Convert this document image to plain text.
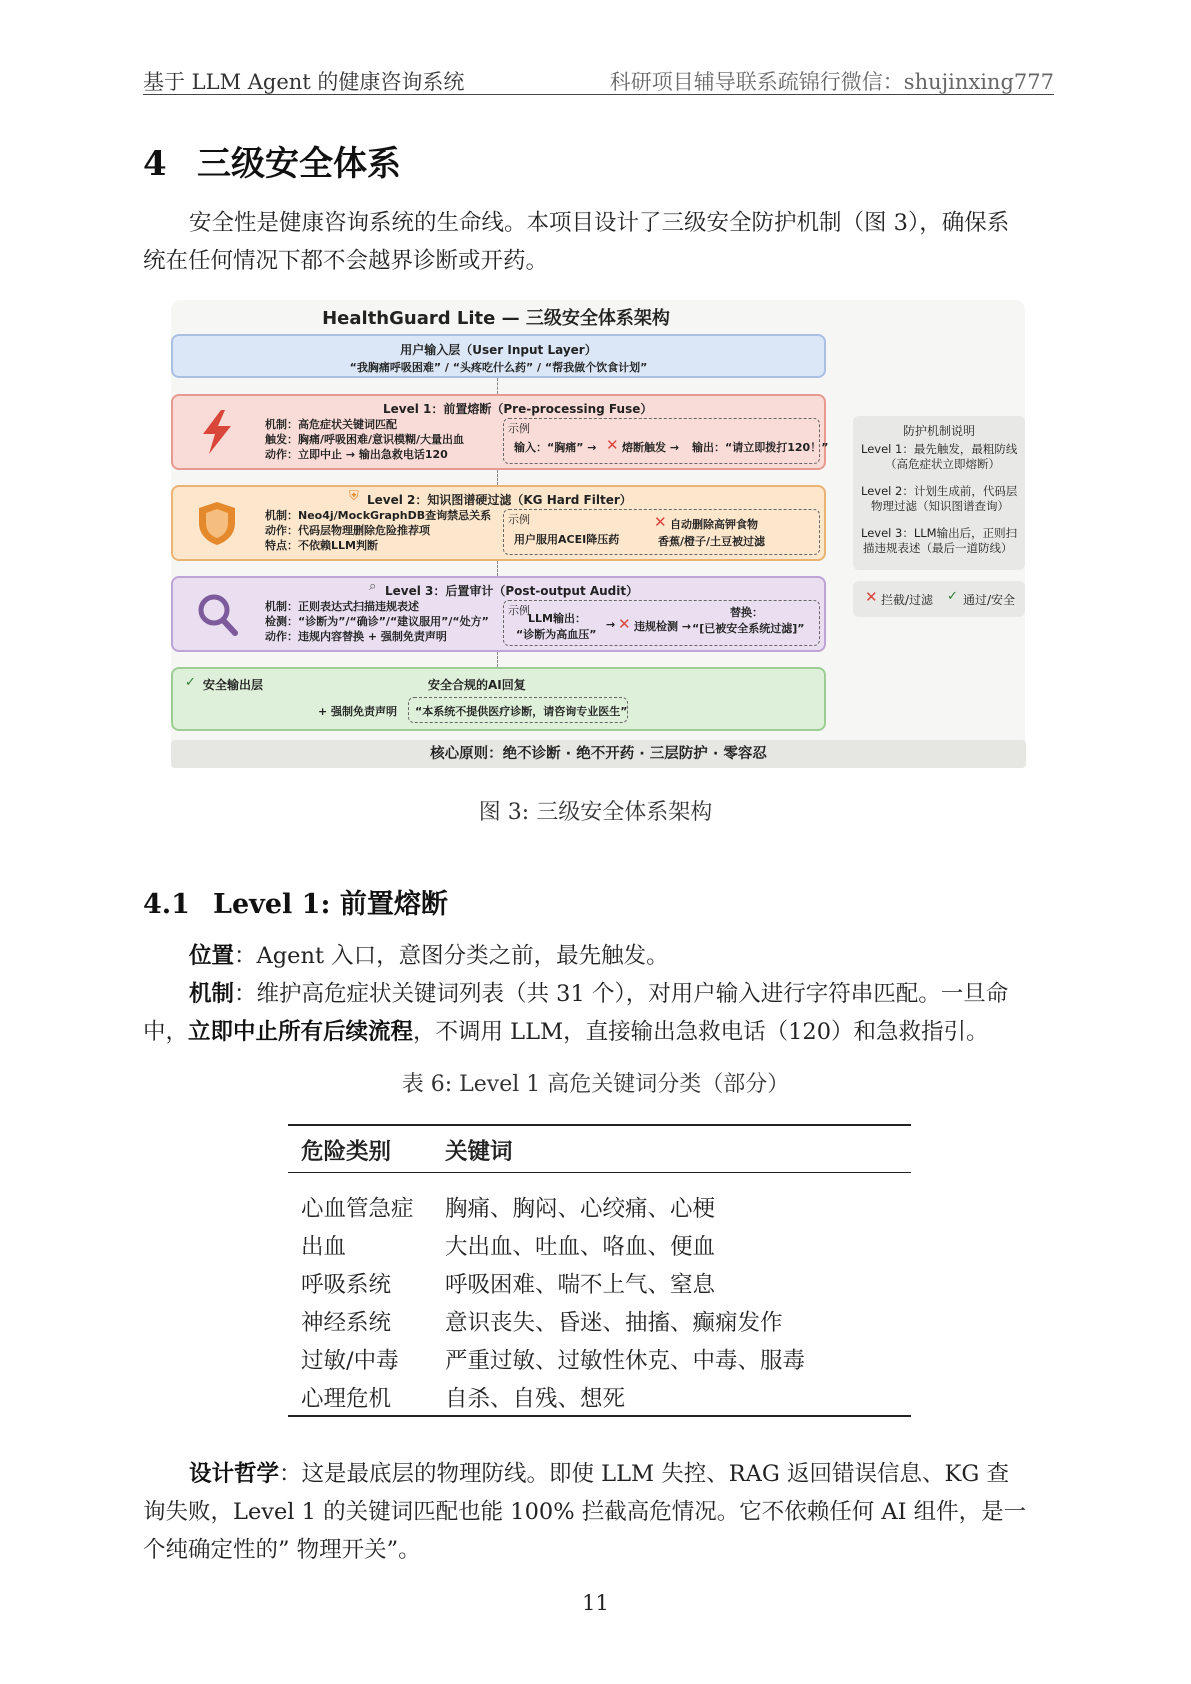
基于 LLM Agent 的健康咨询系统	科研项目辅导联系疏锦行微信：shujinxing777
4 三级安全体系
安全性是健康咨询系统的生命线。本项目设计了三级安全防护机制（图 3），确保系
统在任何情况下都不会越界诊断或开药。
HealthGuard Lite — 三级安全体系架构
用户输入层（User Input Layer）
“我胸痛呼吸困难” / “头疼吃什么药” / “帮我做个饮食计划”
Level 1：前置熔断（Pre-processing Fuse）
机制：高危症状关键词匹配
触发：胸痛/呼吸困难/意识模糊/大量出血
动作：立即中止 → 输出急救电话120
示例
输入：“胸痛” → ✕ 熔断触发 → 输出：“请立即拨打120！”
⛨ Level 2：知识图谱硬过滤（KG Hard Filter）
机制：Neo4j/MockGraphDB查询禁忌关系
动作：代码层物理删除危险推荐项
特点：不依赖LLM判断
示例
用户服用ACEI降压药
✕ 自动删除高钾食物
香蕉/橙子/土豆被过滤
⌕ Level 3：后置审计（Post-output Audit）
机制：正则表达式扫描违规表述
检测：“诊断为”/“确诊”/“建议服用”/“处方”
动作：违规内容替换 + 强制免责声明
示例
LLM输出：
“诊断为高血压”
→ ✕ 违规检测 →
替换：
“[已被安全系统过滤]”
✓ 安全输出层	安全合规的AI回复
+ 强制免责声明 “本系统不提供医疗诊断，请咨询专业医生”
核心原则：绝不诊断 · 绝不开药 · 三层防护 · 零容忍
防护机制说明
Level 1：最先触发，最粗防线
（高危症状立即熔断）
Level 2：计划生成前，代码层
物理过滤（知识图谱查询）
Level 3：LLM输出后，正则扫
描违规表述（最后一道防线）
✕ 拦截/过滤 ✓ 通过/安全
图 3: 三级安全体系架构
4.1 Level 1: 前置熔断
位置：Agent 入口，意图分类之前，最先触发。
机制：维护高危症状关键词列表（共 31 个），对用户输入进行字符串匹配。一旦命
中，立即中止所有后续流程，不调用 LLM，直接输出急救电话（120）和急救指引。
表 6: Level 1 高危关键词分类（部分）
危险类别	关键词

心血管急症	胸痛、胸闷、心绞痛、心梗
出血	大出血、吐血、咯血、便血
呼吸系统	呼吸困难、喘不上气、窒息
神经系统	意识丧失、昏迷、抽搐、癫痫发作
过敏/中毒	严重过敏、过敏性休克、中毒、服毒
心理危机	自杀、自残、想死
设计哲学：这是最底层的物理防线。即使 LLM 失控、RAG 返回错误信息、KG 查
询失败，Level 1 的关键词匹配也能 100% 拦截高危情况。它不依赖任何 AI 组件，是一
个纯确定性的” 物理开关”。
11
